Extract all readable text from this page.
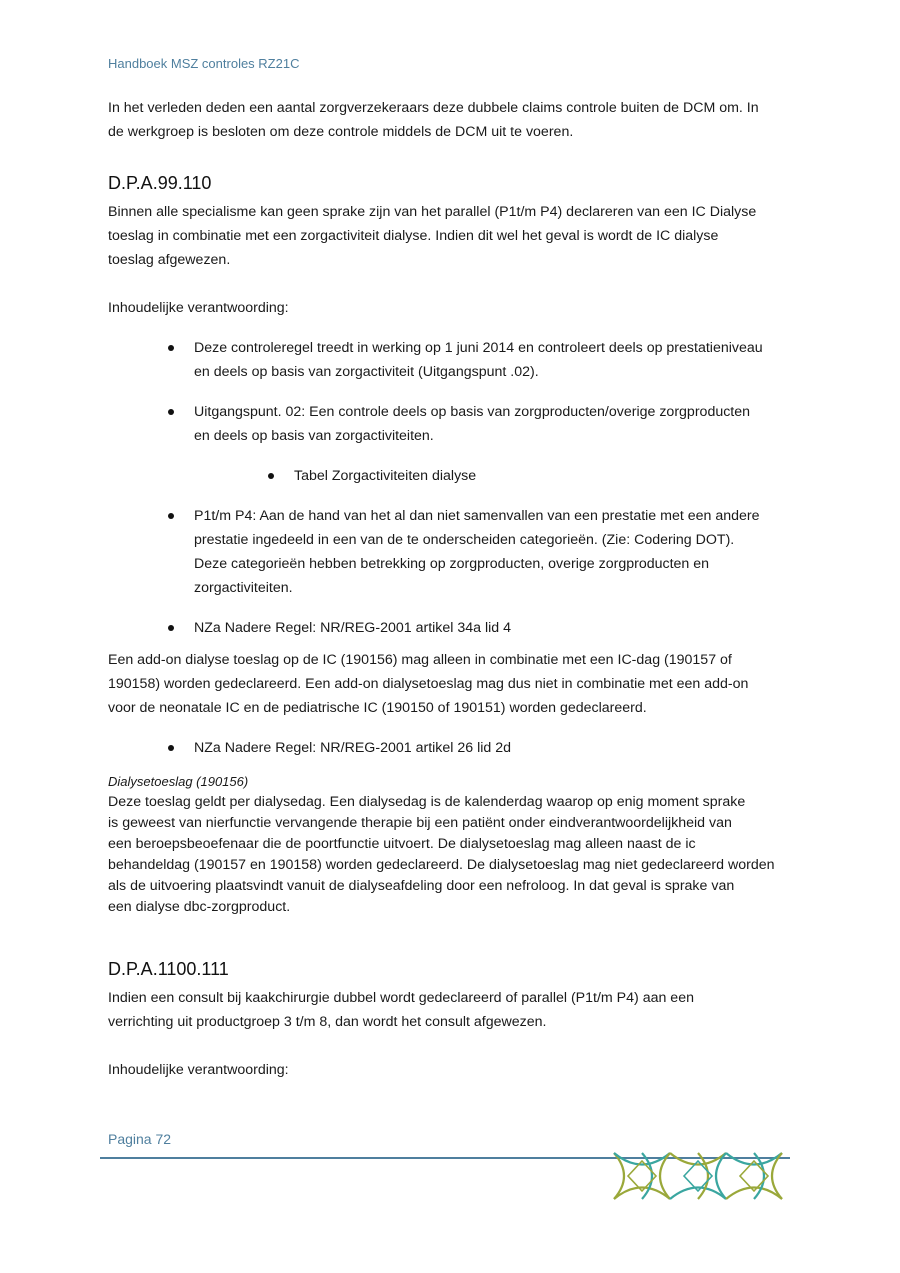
Handboek MSZ controles RZ21C

In het verleden deden een aantal zorgverzekeraars deze dubbele claims controle buiten de DCM om. In

de werkgroep is besloten om deze controle middels de DCM uit te voeren.

D.P.A.99.110

Binnen alle specialisme kan geen sprake zijn van het parallel (P1t/m P4) declareren van een IC Dialyse

toeslag in combinatie met een zorgactiviteit dialyse. Indien dit wel het geval is wordt de IC dialyse

toeslag afgewezen.

Inhoudelijke verantwoording:

Deze controleregel treedt in werking op 1 juni 2014 en controleert deels op prestatieniveau
en deels op basis van zorgactiviteit (Uitgangspunt .02).
Uitgangspunt. 02: Een controle deels op basis van zorgproducten/overige zorgproducten
en deels op basis van zorgactiviteiten.
Tabel Zorgactiviteiten dialyse
P1t/m P4: Aan de hand van het al dan niet samenvallen van een prestatie met een andere
prestatie ingedeeld in een van de te onderscheiden categorieën. (Zie: Codering DOT).
Deze categorieën hebben betrekking op zorgproducten, overige zorgproducten en
zorgactiviteiten.
NZa Nadere Regel: NR/REG-2001 artikel 34a lid 4

Een add-on dialyse toeslag op de IC (190156) mag alleen in combinatie met een IC-dag (190157 of

190158) worden gedeclareerd. Een add-on dialysetoeslag mag dus niet in combinatie met een add-on

voor de neonatale IC en de pediatrische IC (190150 of 190151) worden gedeclareerd.

NZa Nadere Regel: NR/REG-2001 artikel 26 lid 2d

Dialysetoeslag (190156)

Deze toeslag geldt per dialysedag. Een dialysedag is de kalenderdag waarop op enig moment sprake

is geweest van nierfunctie vervangende therapie bij een patiënt onder eindverantwoordelijkheid van

een beroepsbeoefenaar die de poortfunctie uitvoert. De dialysetoeslag mag alleen naast de ic

behandeldag (190157 en 190158) worden gedeclareerd. De dialysetoeslag mag niet gedeclareerd worden

als de uitvoering plaatsvindt vanuit de dialyseafdeling door een nefroloog. In dat geval is sprake van

een dialyse dbc-zorgproduct.

D.P.A.1100.111

Indien een consult bij kaakchirurgie dubbel wordt gedeclareerd of parallel (P1t/m P4) aan een

verrichting uit productgroep 3 t/m 8, dan wordt het consult afgewezen.

Inhoudelijke verantwoording:

Pagina 72
